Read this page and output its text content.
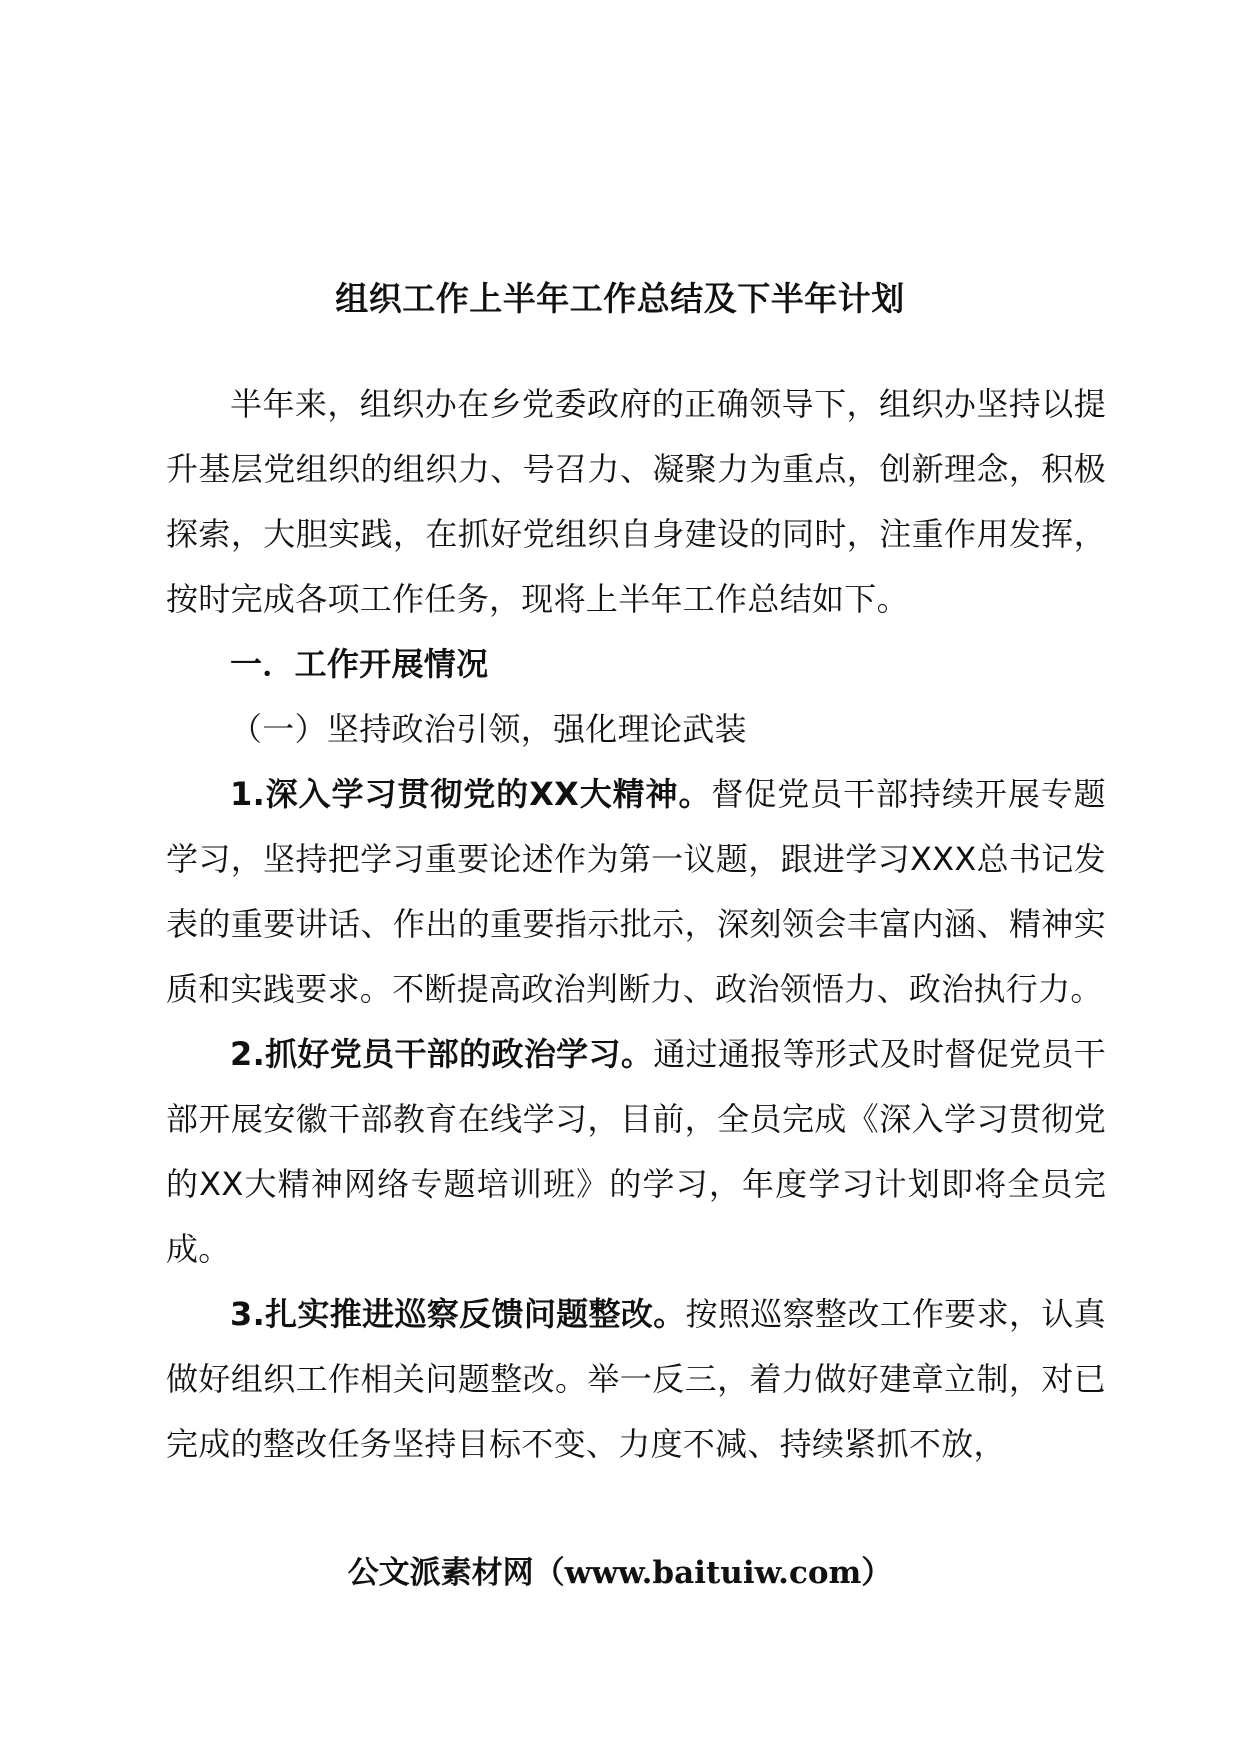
组织工作上半年工作总结及下半年计划

半年来，组织办在乡党委政府的正确领导下，组织办坚持以提升基层党组织的组织力、号召力、凝聚力为重点，创新理念，积极探索，大胆实践，在抓好党组织自身建设的同时，注重作用发挥，按时完成各项工作任务，现将上半年工作总结如下。

一．工作开展情况

（一）坚持政治引领，强化理论武装

1.深入学习贯彻党的XX大精神。督促党员干部持续开展专题学习，坚持把学习重要论述作为第一议题，跟进学习XXX总书记发表的重要讲话、作出的重要指示批示，深刻领会丰富内涵、精神实质和实践要求。不断提高政治判断力、政治领悟力、政治执行力。

2.抓好党员干部的政治学习。通过通报等形式及时督促党员干部开展安徽干部教育在线学习，目前，全员完成《深入学习贯彻党的XX大精神网络专题培训班》的学习，年度学习计划即将全员完成。

3.扎实推进巡察反馈问题整改。按照巡察整改工作要求，认真做好组织工作相关问题整改。举一反三，着力做好建章立制，对已完成的整改任务坚持目标不变、力度不减、持续紧抓不放，

公文派素材网（www.baituiw.com）
